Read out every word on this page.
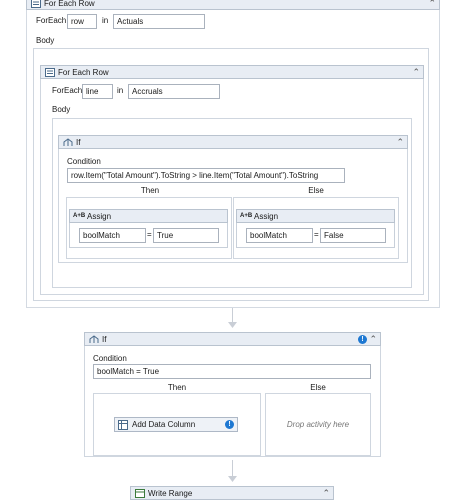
For Each Row	⌃
ForEach row	in	Actuals
Body
For Each Row	⌃
ForEach line	in	Accruals
Body
If	⌃
Condition
row.Item("Total Amount").ToString > line.Item("Total Amount").ToString
Then	Else
A+B Assign
boolMatch	= True
A+B Assign
boolMatch	= False
If	! ⌃
Condition
boolMatch = True
Then	Else
Add Data Column	!	Drop activity here
Write Range	⌃
